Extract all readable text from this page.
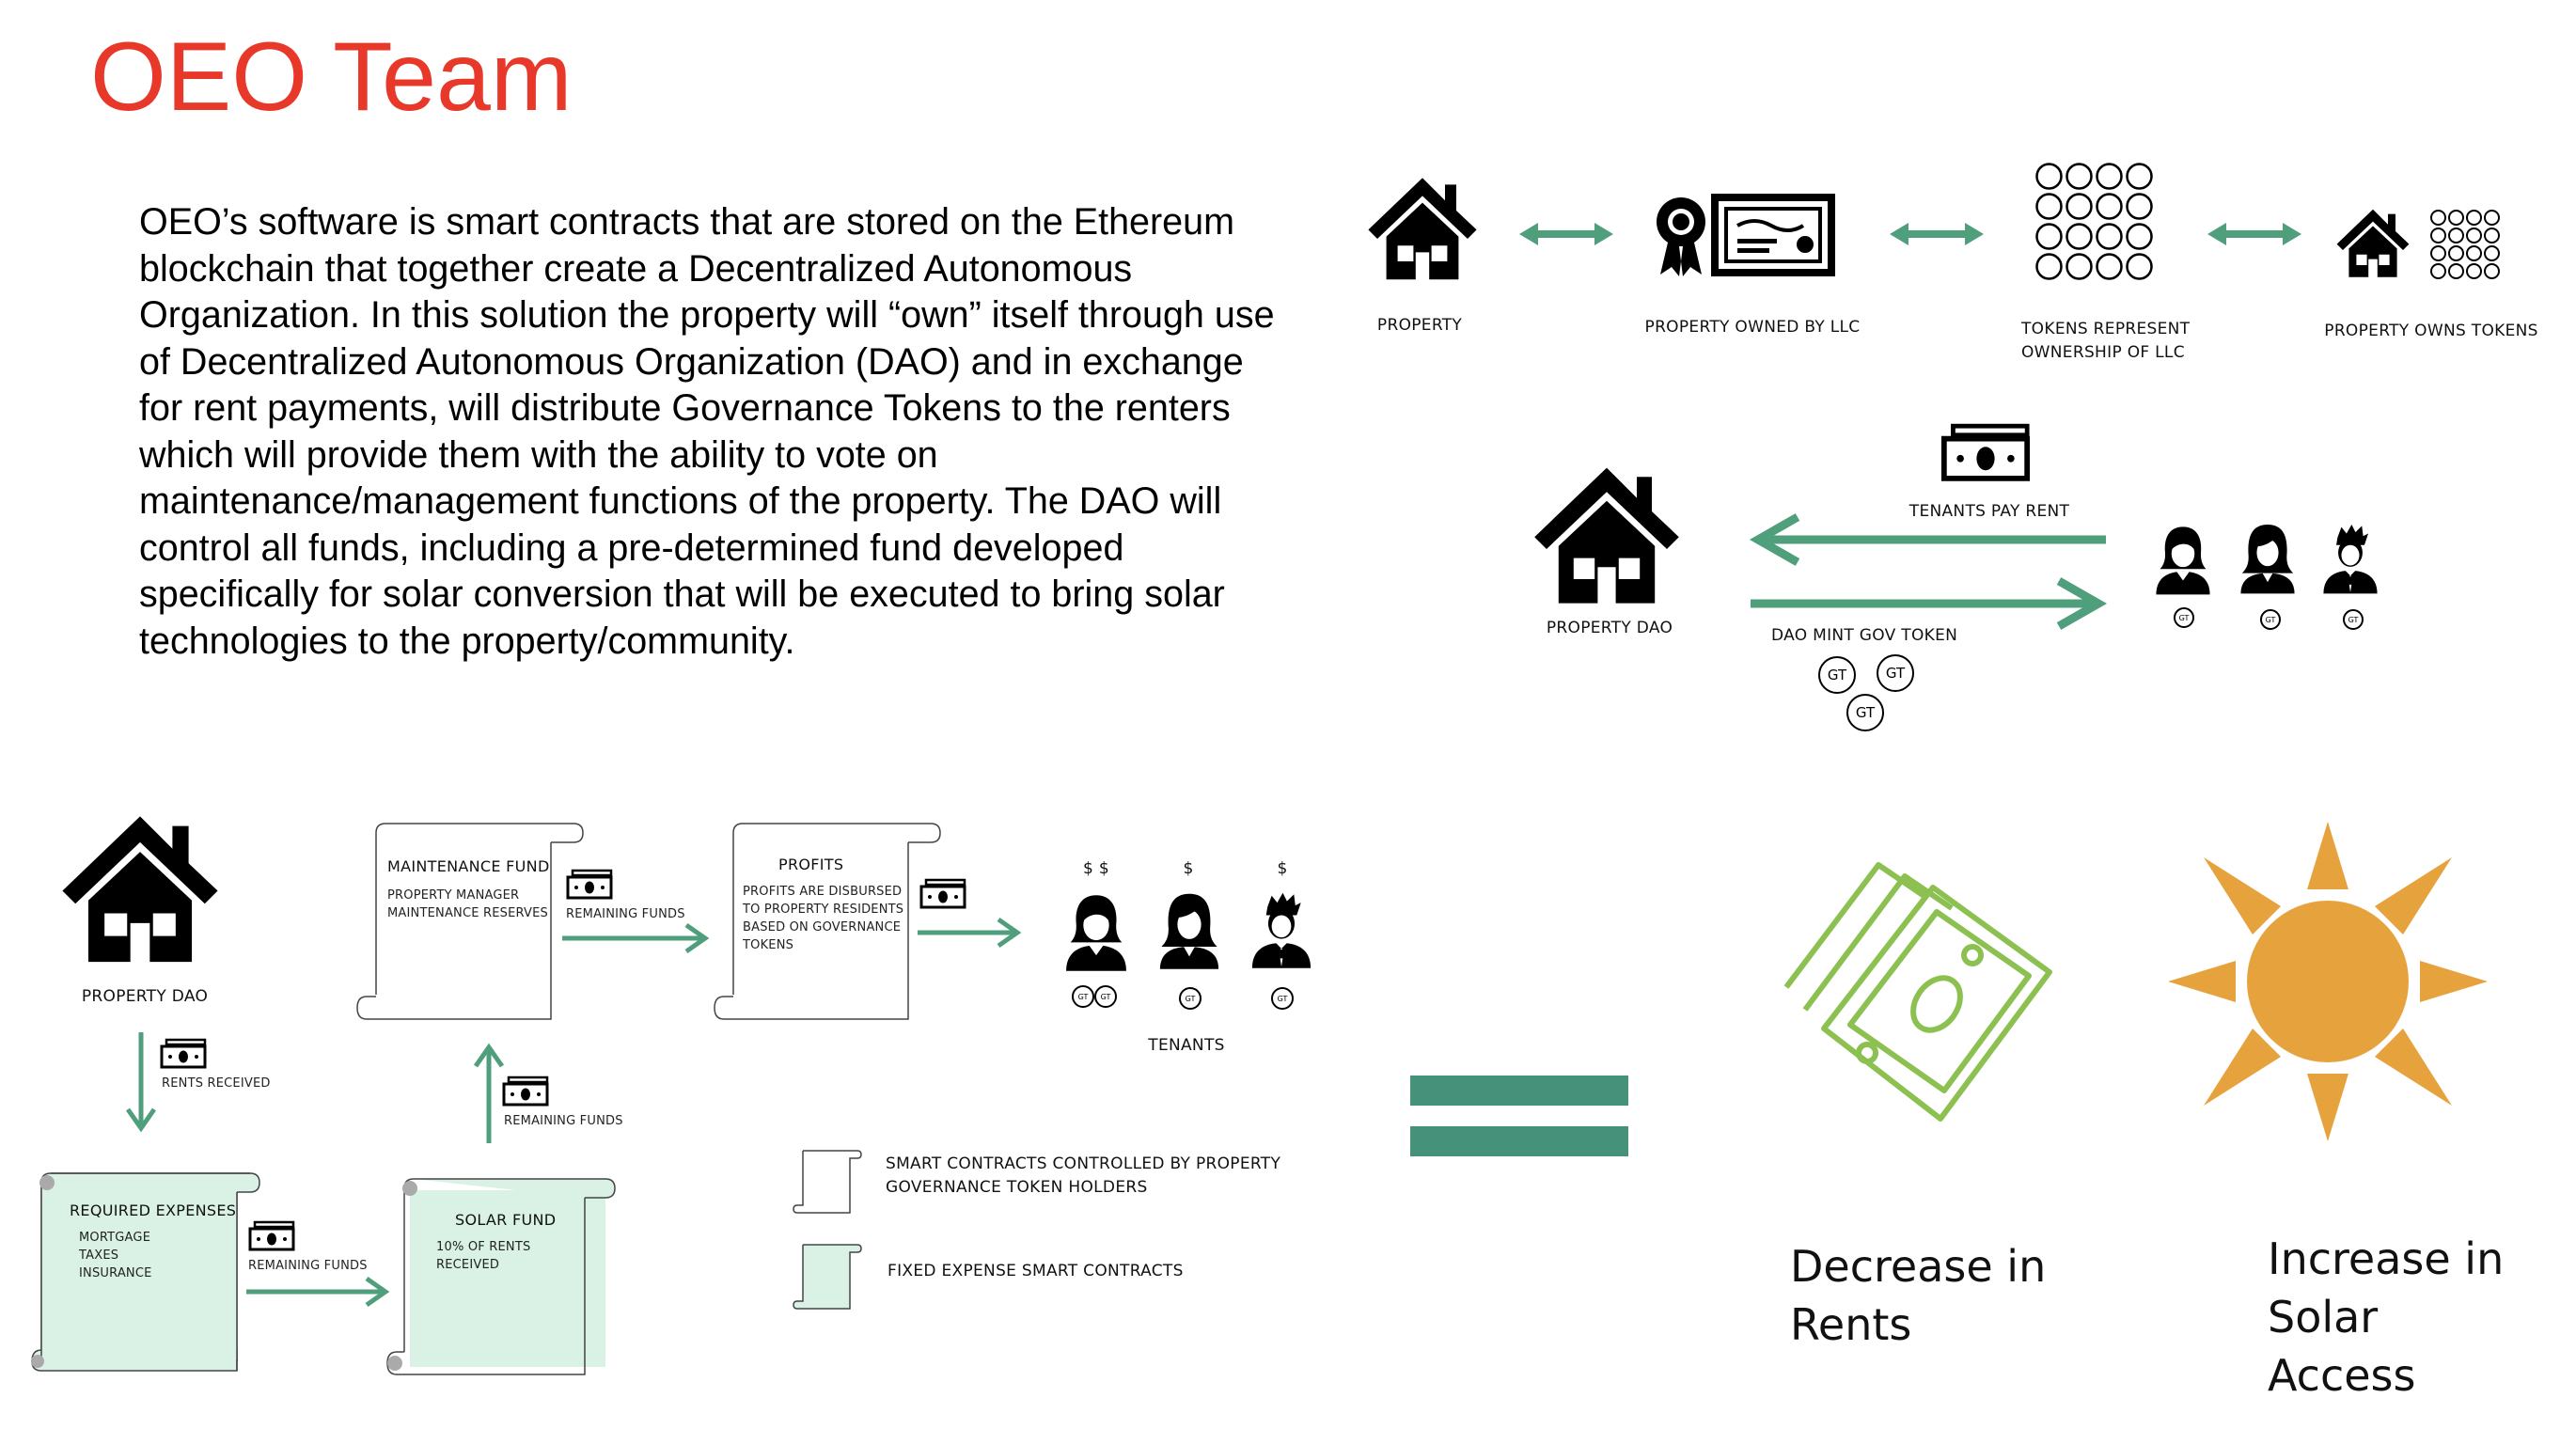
OEO Team
OEO’s software is smart contracts that are stored on the Ethereum blockchain that together create a Decentralized Autonomous Organization. In this solution the property will “own” itself through use of Decentralized Autonomous Organization (DAO) and in exchange for rent payments, will distribute Governance Tokens to the renters which will provide them with the ability to vote on maintenance/management functions of the property. The DAO will control all funds, including a pre-determined fund developed specifically for solar conversion that will be executed to bring solar technologies to the property/community.
PROPERTY	PROPERTY OWNED BY LLC	TOKENS REPRESENT
OWNERSHIP OF LLC
PROPERTY OWNS TOKENS
PROPERTY DAO
TENANTS PAY RENT
DAO MINT GOV TOKEN
GT	GT
GT
GT	GT	GT
PROPERTY DAO
RENTS RECEIVED
REQUIRED EXPENSES
MORTGAGE
TAXES
INSURANCE
REMAINING FUNDS
SOLAR FUND
10% OF RENTS
RECEIVED
REMAINING FUNDS
MAINTENANCE FUND
PROPERTY MANAGER
MAINTENANCE RESERVES REMAINING FUNDS
PROFITS
PROFITS ARE DISBURSED
TO PROPERTY RESIDENTS
BASED ON GOVERNANCE
TOKENS
$ $	$	$
GT	GT	GT	GT
TENANTS
SMART CONTRACTS CONTROLLED BY PROPERTY
GOVERNANCE TOKEN HOLDERS
FIXED EXPENSE SMART CONTRACTS	Decrease in
Rents
Increase in
Solar
Access
